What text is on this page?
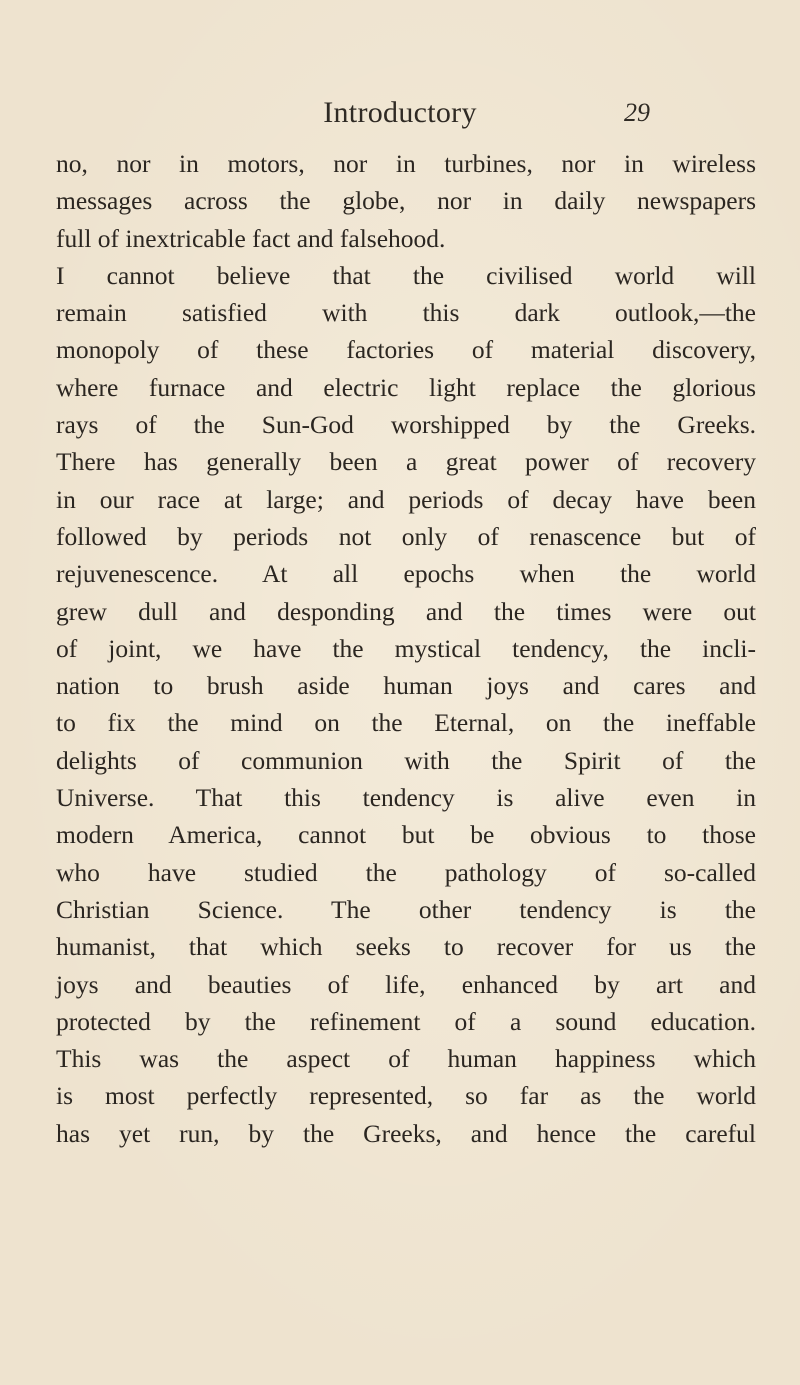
Introductory	29
no, nor in motors, nor in turbines, nor in wireless
messages across the globe, nor in daily newspapers
full of inextricable fact and falsehood.
I cannot believe that the civilised world will
remain satisfied with this dark outlook,—the
monopoly of these factories of material discovery,
where furnace and electric light replace the glorious
rays of the Sun-God worshipped by the Greeks.
There has generally been a great power of recovery
in our race at large; and periods of decay have been
followed by periods not only of renascence but of
rejuvenescence. At all epochs when the world
grew dull and desponding and the times were out
of joint, we have the mystical tendency, the incli-
nation to brush aside human joys and cares and
to fix the mind on the Eternal, on the ineffable
delights of communion with the Spirit of the
Universe. That this tendency is alive even in
modern America, cannot but be obvious to those
who have studied the pathology of so-called
Christian Science. The other tendency is the
humanist, that which seeks to recover for us the
joys and beauties of life, enhanced by art and
protected by the refinement of a sound education.
This was the aspect of human happiness which
is most perfectly represented, so far as the world
has yet run, by the Greeks, and hence the careful
